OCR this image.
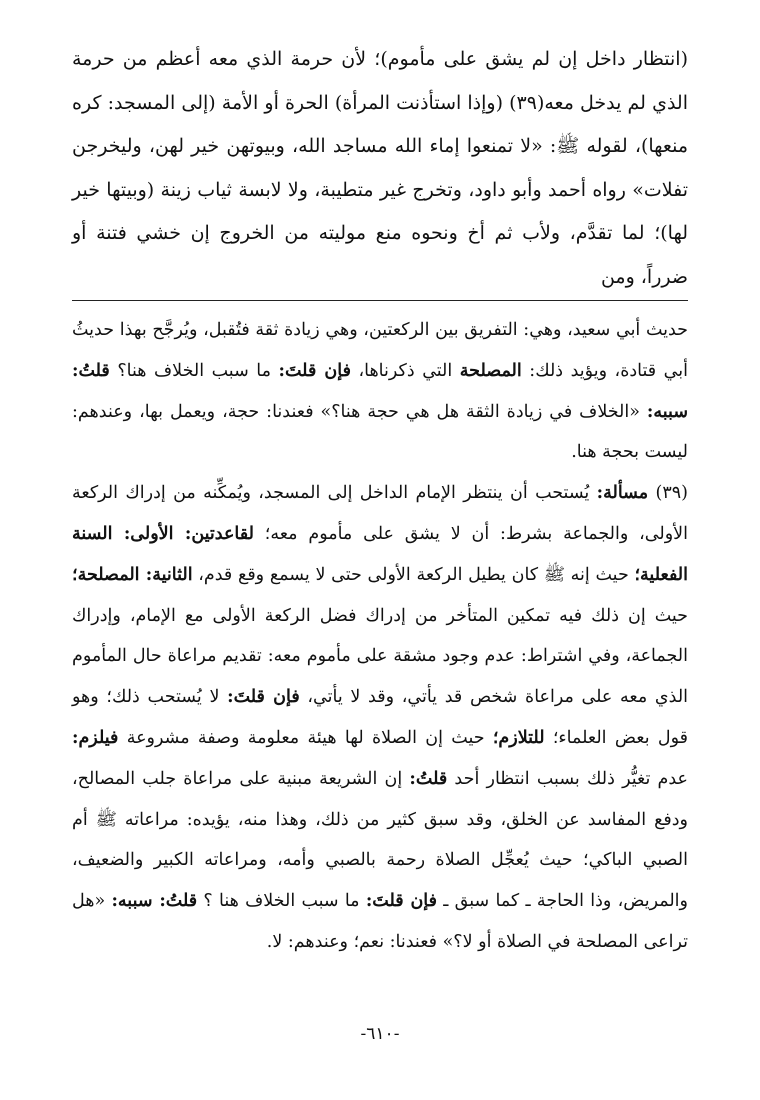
(انتظار داخل إن لم يشق على مأموم)؛ لأن حرمة الذي معه أعظم من حرمة الذي لم يدخل معه(٣٩) (وإذا استأذنت المرأة) الحرة أو الأمة (إلى المسجد: كره منعها)، لقوله ﷺ: «لا تمنعوا إماء الله مساجد الله، وبيوتهن خير لهن، وليخرجن تفلات» رواه أحمد وأبو داود، وتخرج غير متطيبة، ولا لابسة ثياب زينة (وبيتها خير لها)؛ لما تقدَّم، ولأب ثم أخ ونحوه منع موليته من الخروج إن خشي فتنة أو ضرراً، ومن

حديث أبي سعيد، وهي: التفريق بين الركعتين، وهي زيادة ثقة فتُقبل، ويُرجَّح بهذا حديثُ أبي قتادة، ويؤيد ذلك: المصلحة التي ذكرناها، فإن قلتَ: ما سبب الخلاف هنا؟ قلتُ: سببه: «الخلاف في زيادة الثقة هل هي حجة هنا؟» فعندنا: حجة، ويعمل بها، وعندهم: ليست بحجة هنا.

(٣٩) مسألة: يُستحب أن ينتظر الإمام الداخل إلى المسجد، ويُمكِّنه من إدراك الركعة الأولى، والجماعة بشرط: أن لا يشق على مأموم معه؛ لقاعدتين: الأولى: السنة الفعلية؛ حيث إنه ﷺ كان يطيل الركعة الأولى حتى لا يسمع وقع قدم، الثانية: المصلحة؛ حيث إن ذلك فيه تمكين المتأخر من إدراك فضل الركعة الأولى مع الإمام، وإدراك الجماعة، وفي اشتراط: عدم وجود مشقة على مأموم معه: تقديم مراعاة حال المأموم الذي معه على مراعاة شخص قد يأتي، وقد لا يأتي، فإن قلتَ: لا يُستحب ذلك؛ وهو قول بعض العلماء؛ للتلازم؛ حيث إن الصلاة لها هيئة معلومة وصفة مشروعة فيلزم: عدم تغيُّر ذلك بسبب انتظار أحد قلتُ: إن الشريعة مبنية على مراعاة جلب المصالح، ودفع المفاسد عن الخلق، وقد سبق كثير من ذلك، وهذا منه، يؤيده: مراعاته ﷺ أم الصبي الباكي؛ حيث يُعجِّل الصلاة رحمة بالصبي وأمه، ومراعاته الكبير والضعيف، والمريض، وذا الحاجة ـ كما سبق ـ فإن قلتَ: ما سبب الخلاف هنا ؟ قلتُ: سببه: «هل تراعى المصلحة في الصلاة أو لا؟» فعندنا: نعم؛ وعندهم: لا.

-٦١٠-
